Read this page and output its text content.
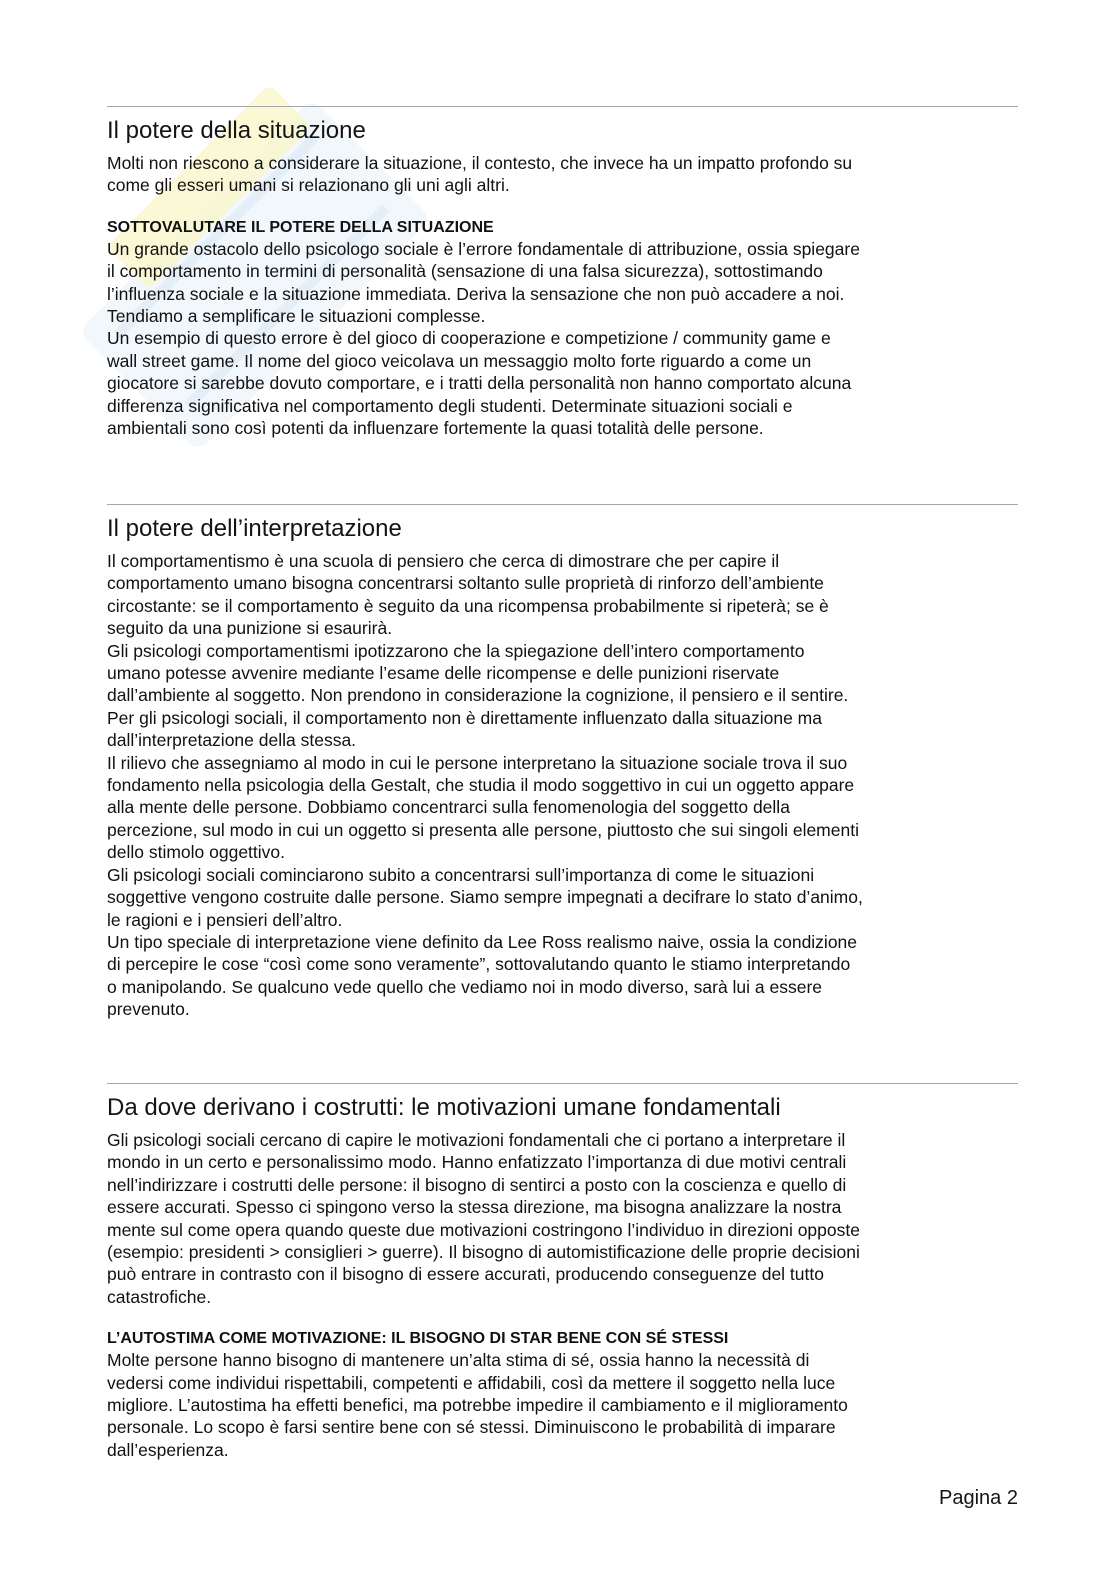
Il potere della situazione

Molti non riescono a considerare la situazione, il contesto, che invece ha un impatto profondo su
come gli esseri umani si relazionano gli uni agli altri.

SOTTOVALUTARE IL POTERE DELLA SITUAZIONE

Un grande ostacolo dello psicologo sociale è l’errore fondamentale di attribuzione, ossia spiegare
il comportamento in termini di personalità (sensazione di una falsa sicurezza), sottostimando
l’influenza sociale e la situazione immediata. Deriva la sensazione che non può accadere a noi.
Tendiamo a semplificare le situazioni complesse.
Un esempio di questo errore è del gioco di cooperazione e competizione / community game e
wall street game. Il nome del gioco veicolava un messaggio molto forte riguardo a come un
giocatore si sarebbe dovuto comportare, e i tratti della personalità non hanno comportato alcuna
differenza significativa nel comportamento degli studenti. Determinate situazioni sociali e
ambientali sono così potenti da influenzare fortemente la quasi totalità delle persone.

Il potere dell’interpretazione

Il comportamentismo è una scuola di pensiero che cerca di dimostrare che per capire il
comportamento umano bisogna concentrarsi soltanto sulle proprietà di rinforzo dell’ambiente
circostante: se il comportamento è seguito da una ricompensa probabilmente si ripeterà; se è
seguito da una punizione si esaurirà.
Gli psicologi comportamentismi ipotizzarono che la spiegazione dell’intero comportamento
umano potesse avvenire mediante l’esame delle ricompense e delle punizioni riservate
dall’ambiente al soggetto. Non prendono in considerazione la cognizione, il pensiero e il sentire.
Per gli psicologi sociali, il comportamento non è direttamente influenzato dalla situazione ma
dall’interpretazione della stessa.
Il rilievo che assegniamo al modo in cui le persone interpretano la situazione sociale trova il suo
fondamento nella psicologia della Gestalt, che studia il modo soggettivo in cui un oggetto appare
alla mente delle persone. Dobbiamo concentrarci sulla fenomenologia del soggetto della
percezione, sul modo in cui un oggetto si presenta alle persone, piuttosto che sui singoli elementi
dello stimolo oggettivo.
Gli psicologi sociali cominciarono subito a concentrarsi sull’importanza di come le situazioni
soggettive vengono costruite dalle persone. Siamo sempre impegnati a decifrare lo stato d’animo,
le ragioni e i pensieri dell’altro.
Un tipo speciale di interpretazione viene definito da Lee Ross realismo naive, ossia la condizione
di percepire le cose “così come sono veramente”, sottovalutando quanto le stiamo interpretando
o manipolando. Se qualcuno vede quello che vediamo noi in modo diverso, sarà lui a essere
prevenuto.

Da dove derivano i costrutti: le motivazioni umane fondamentali

Gli psicologi sociali cercano di capire le motivazioni fondamentali che ci portano a interpretare il
mondo in un certo e personalissimo modo. Hanno enfatizzato l’importanza di due motivi centrali
nell’indirizzare i costrutti delle persone: il bisogno di sentirci a posto con la coscienza e quello di
essere accurati. Spesso ci spingono verso la stessa direzione, ma bisogna analizzare la nostra
mente sul come opera quando queste due motivazioni costringono l’individuo in direzioni opposte
(esempio: presidenti > consiglieri > guerre). Il bisogno di automistificazione delle proprie decisioni
può entrare in contrasto con il bisogno di essere accurati, producendo conseguenze del tutto
catastrofiche.

L’AUTOSTIMA COME MOTIVAZIONE: IL BISOGNO DI STAR BENE CON SÉ STESSI

Molte persone hanno bisogno di mantenere un’alta stima di sé, ossia hanno la necessità di
vedersi come individui rispettabili, competenti e affidabili, così da mettere il soggetto nella luce
migliore. L’autostima ha effetti benefici, ma potrebbe impedire il cambiamento e il miglioramento
personale. Lo scopo è farsi sentire bene con sé stessi. Diminuiscono le probabilità di imparare
dall’esperienza.

Pagina 2
